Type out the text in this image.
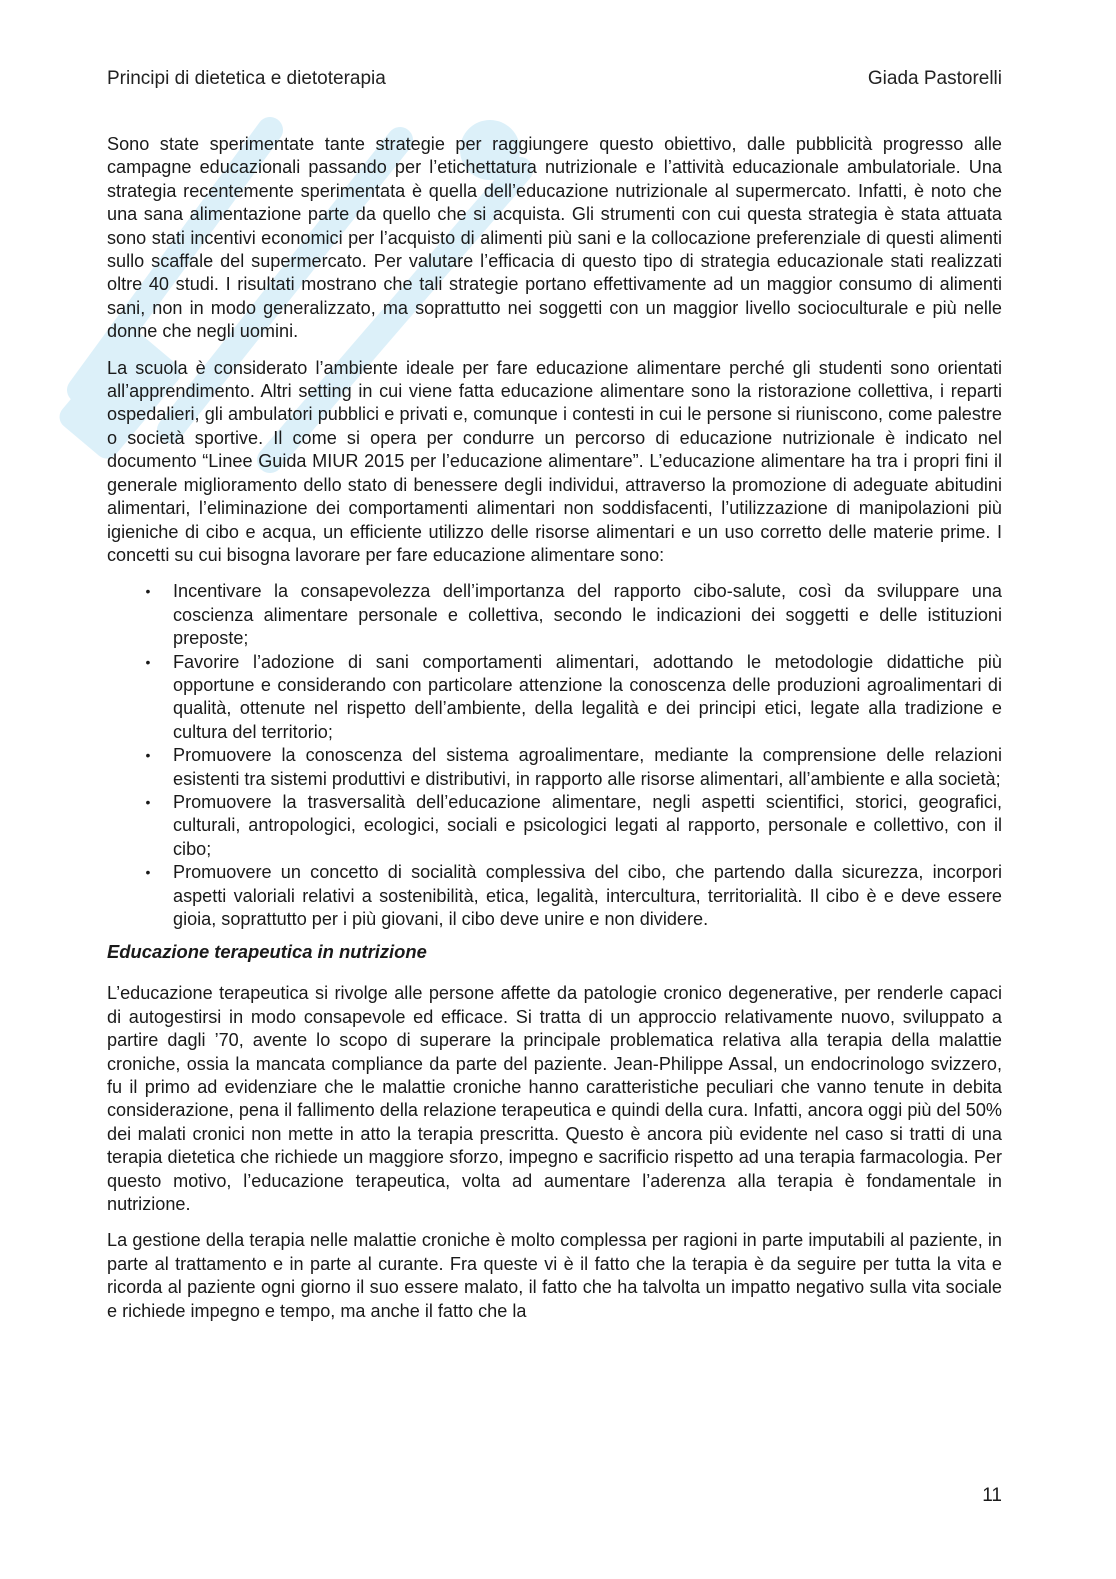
Principi di dietetica e dietoterapia	Giada Pastorelli

Sono state sperimentate tante strategie per raggiungere questo obiettivo, dalle pubblicità progresso alle campagne educazionali passando per l’etichettatura nutrizionale e l’attività educazionale ambulatoriale. Una strategia recentemente sperimentata è quella dell’educazione nutrizionale al supermercato. Infatti, è noto che una sana alimentazione parte da quello che si acquista. Gli strumenti con cui questa strategia è stata attuata sono stati incentivi economici per l’acquisto di alimenti più sani e la collocazione preferenziale di questi alimenti sullo scaffale del supermercato. Per valutare l’efficacia di questo tipo di strategia educazionale stati realizzati oltre 40 studi. I risultati mostrano che tali strategie portano effettivamente ad un maggior consumo di alimenti sani, non in modo generalizzato, ma soprattutto nei soggetti con un maggior livello socioculturale e più nelle donne che negli uomini.

La scuola è considerato l’ambiente ideale per fare educazione alimentare perché gli studenti sono orientati all’apprendimento. Altri setting in cui viene fatta educazione alimentare sono la ristorazione collettiva, i reparti ospedalieri, gli ambulatori pubblici e privati e, comunque i contesti in cui le persone si riuniscono, come palestre o società sportive. Il come si opera per condurre un percorso di educazione nutrizionale è indicato nel documento “Linee Guida MIUR 2015 per l’educazione alimentare”. L’educazione alimentare ha tra i propri fini il generale miglioramento dello stato di benessere degli individui, attraverso la promozione di adeguate abitudini alimentari, l’eliminazione dei comportamenti alimentari non soddisfacenti, l’utilizzazione di manipolazioni più igieniche di cibo e acqua, un efficiente utilizzo delle risorse alimentari e un uso corretto delle materie prime. I concetti su cui bisogna lavorare per fare educazione alimentare sono:

• Incentivare la consapevolezza dell’importanza del rapporto cibo-salute, così da sviluppare una coscienza alimentare personale e collettiva, secondo le indicazioni dei soggetti e delle istituzioni preposte;
• Favorire l’adozione di sani comportamenti alimentari, adottando le metodologie didattiche più opportune e considerando con particolare attenzione la conoscenza delle produzioni agroalimentari di qualità, ottenute nel rispetto dell’ambiente, della legalità e dei principi etici, legate alla tradizione e cultura del territorio;
• Promuovere la conoscenza del sistema agroalimentare, mediante la comprensione delle relazioni esistenti tra sistemi produttivi e distributivi, in rapporto alle risorse alimentari, all’ambiente e alla società;
• Promuovere la trasversalità dell’educazione alimentare, negli aspetti scientifici, storici, geografici, culturali, antropologici, ecologici, sociali e psicologici legati al rapporto, personale e collettivo, con il cibo;
• Promuovere un concetto di socialità complessiva del cibo, che partendo dalla sicurezza, incorpori aspetti valoriali relativi a sostenibilità, etica, legalità, intercultura, territorialità. Il cibo è e deve essere gioia, soprattutto per i più giovani, il cibo deve unire e non dividere.
Educazione terapeutica in nutrizione

L’educazione terapeutica si rivolge alle persone affette da patologie cronico degenerative, per renderle capaci di autogestirsi in modo consapevole ed efficace. Si tratta di un approccio relativamente nuovo, sviluppato a partire dagli ’70, avente lo scopo di superare la principale problematica relativa alla terapia della malattie croniche, ossia la mancata compliance da parte del paziente. Jean-Philippe Assal, un endocrinologo svizzero, fu il primo ad evidenziare che le malattie croniche hanno caratteristiche peculiari che vanno tenute in debita considerazione, pena il fallimento della relazione terapeutica e quindi della cura. Infatti, ancora oggi più del 50% dei malati cronici non mette in atto la terapia prescritta. Questo è ancora più evidente nel caso si tratti di una terapia dietetica che richiede un maggiore sforzo, impegno e sacrificio rispetto ad una terapia farmacologia. Per questo motivo, l’educazione terapeutica, volta ad aumentare l’aderenza alla terapia è fondamentale in nutrizione.

La gestione della terapia nelle malattie croniche è molto complessa per ragioni in parte imputabili al paziente, in parte al trattamento e in parte al curante. Fra queste vi è il fatto che la terapia è da seguire per tutta la vita e ricorda al paziente ogni giorno il suo essere malato, il fatto che ha talvolta un impatto negativo sulla vita sociale e richiede impegno e tempo, ma anche il fatto che la

11
